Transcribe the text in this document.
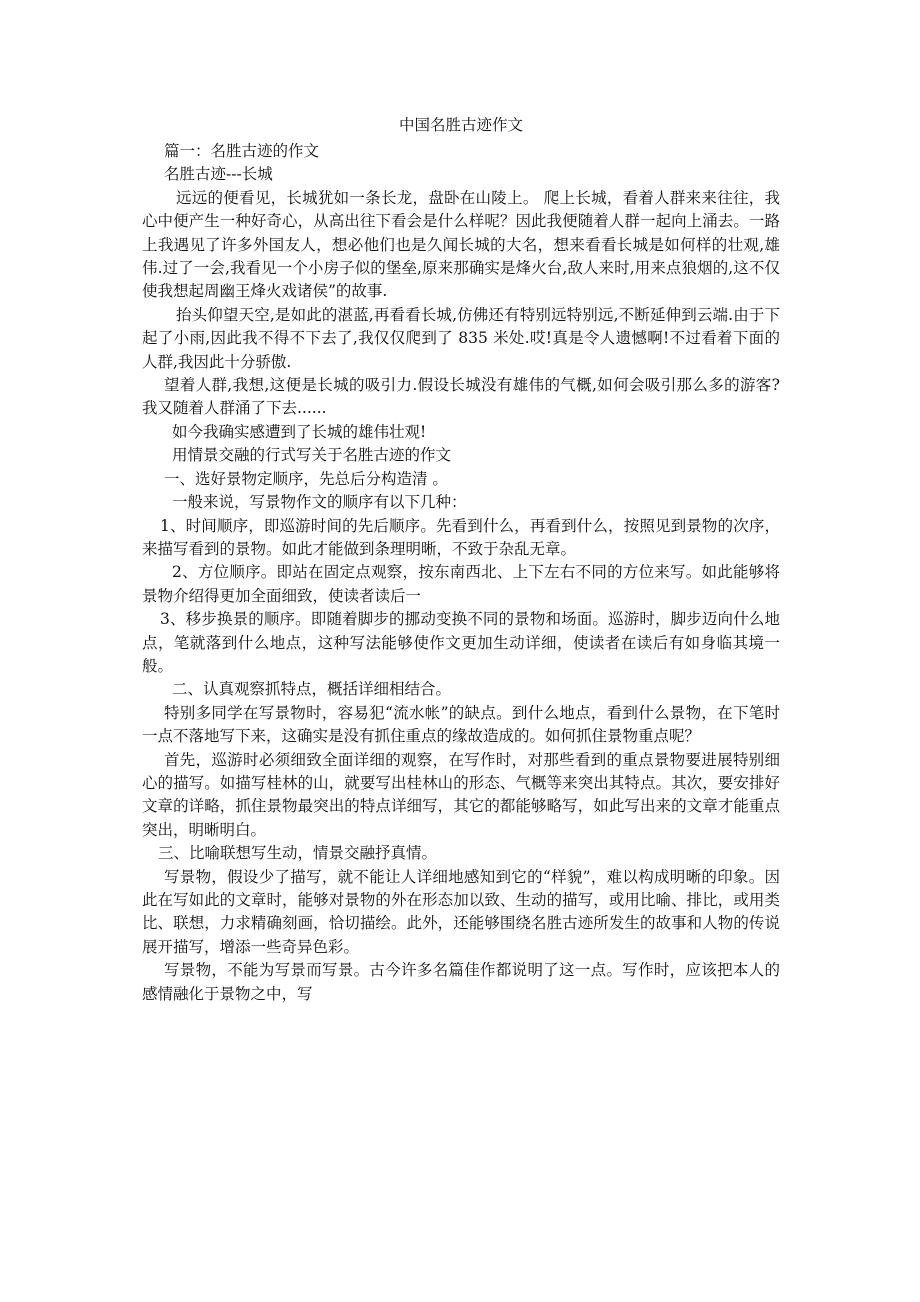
中国名胜古迹作文

篇一：名胜古迹的作文

名胜古迹---长城

远远的便看见，长城犹如一条长龙，盘卧在山陵上。 爬上长城，看着人群来来往往，我心中便产生一种好奇心，从高出往下看会是什么样呢？因此我便随着人群一起向上涌去。一路上我遇见了许多外国友人，想必他们也是久闻长城的大名，想来看看长城是如何样的壮观,雄伟.过了一会,我看见一个小房子似的堡垒,原来那确实是烽火台,敌人来时,用来点狼烟的,这不仅使我想起周幽王烽火戏诸侯”的故事.

抬头仰望天空,是如此的湛蓝,再看看长城,仿佛还有特别远特别远,不断延伸到云端.由于下起了小雨,因此我不得不下去了,我仅仅爬到了 835 米处.哎!真是令人遗憾啊!不过看着下面的人群,我因此十分骄傲.

望着人群,我想,这便是长城的吸引力.假设长城没有雄伟的气概,如何会吸引那么多的游客?我又随着人群涌了下去......

如今我确实感遭到了长城的雄伟壮观!

用情景交融的行式写关于名胜古迹的作文

一、选好景物定顺序，先总后分构造清 。

一般来说，写景物作文的顺序有以下几种：

1、时间顺序，即巡游时间的先后顺序。先看到什么，再看到什么，按照见到景物的次序，来描写看到的景物。如此才能做到条理明晰，不致于杂乱无章。

2、方位顺序。即站在固定点观察，按东南西北、上下左右不同的方位来写。如此能够将景物介绍得更加全面细致，使读者读后一

3、移步换景的顺序。即随着脚步的挪动变换不同的景物和场面。巡游时，脚步迈向什么地点，笔就落到什么地点，这种写法能够使作文更加生动详细，使读者在读后有如身临其境一般。

二、认真观察抓特点，概括详细相结合。

特别多同学在写景物时，容易犯“流水帐”的缺点。到什么地点，看到什么景物，在下笔时一点不落地写下来，这确实是没有抓住重点的缘故造成的。如何抓住景物重点呢？

首先，巡游时必须细致全面详细的观察，在写作时，对那些看到的重点景物要进展特别细心的描写。如描写桂林的山，就要写出桂林山的形态、气概等来突出其特点。其次，要安排好文章的详略，抓住景物最突出的特点详细写，其它的都能够略写，如此写出来的文章才能重点突出，明晰明白。

三、比喻联想写生动，情景交融抒真情。

写景物，假设少了描写，就不能让人详细地感知到它的“样貌”，难以构成明晰的印象。因此在写如此的文章时，能够对景物的外在形态加以致、生动的描写，或用比喻、排比，或用类比、联想，力求精确刻画，恰切描绘。此外，还能够围绕名胜古迹所发生的故事和人物的传说展开描写，增添一些奇异色彩。

写景物，不能为写景而写景。古今许多名篇佳作都说明了这一点。写作时，应该把本人的感情融化于景物之中，写
